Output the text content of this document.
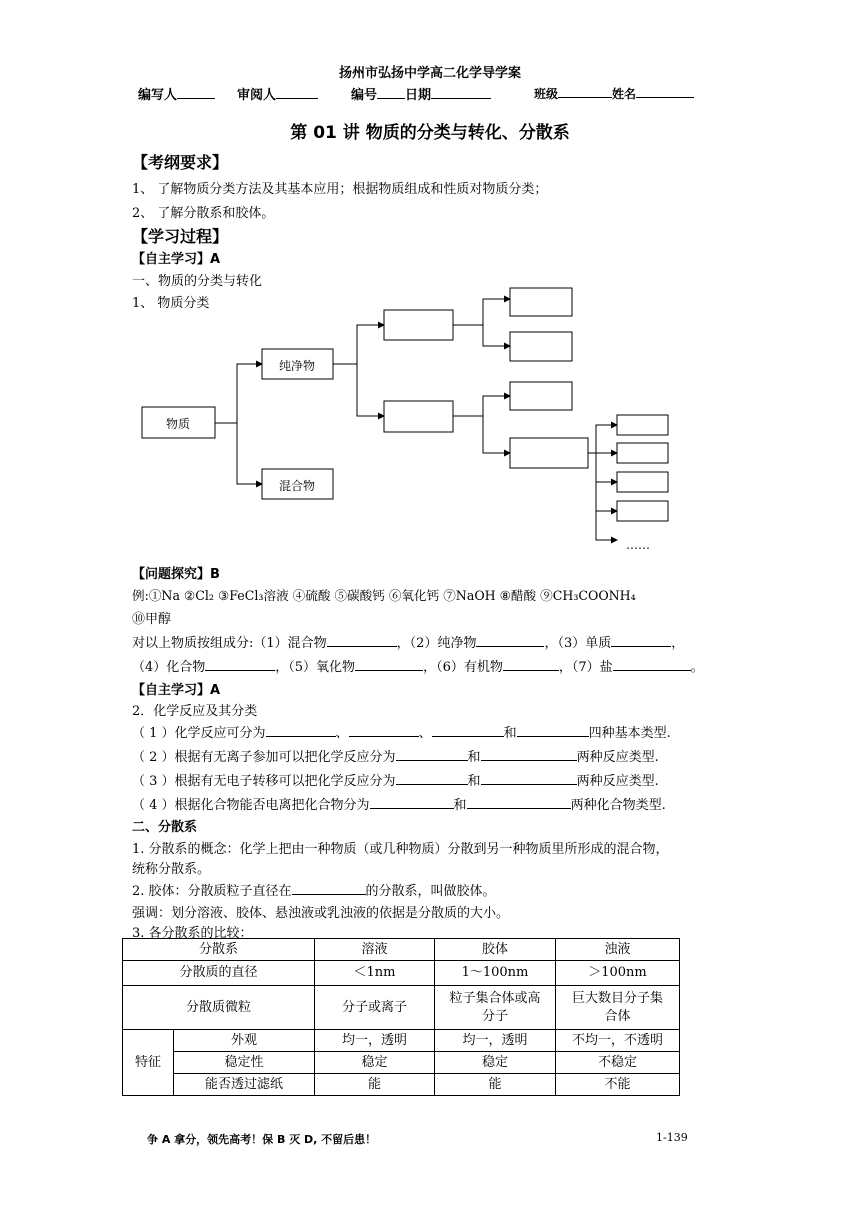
扬州市弘扬中学高二化学导学案
编写人	审阅人	编号 日期	班级	姓名
第 01 讲 物质的分类与转化、分散系
【考纲要求】
1、 了解物质分类方法及其基本应用；根据物质组成和性质对物质分类；
2、 了解分散系和胶体。
【学习过程】
【自主学习】A
一、物质的分类与转化
1、 物质分类
物质
纯净物
混合物
……
【问题探究】B
例:①Na ②Cl₂ ③FeCl₃溶液 ④硫酸 ⑤碳酸钙 ⑥氧化钙 ⑦NaOH ⑧醋酸 ⑨CH₃COONH₄
⑩甲醇
对以上物质按组成分:（1）混合物	，（2）纯净物	，（3）单质	，
（4）化合物	，（5）氧化物	，（6）有机物	，（7）盐	。
【自主学习】A
2．化学反应及其分类
（ 1 ）化学反应可分为	、	、	和	四种基本类型.
（ 2 ）根据有无离子参加可以把化学反应分为	和	两种反应类型.
（ 3 ）根据有无电子转移可以把化学反应分为	和	两种反应类型.
（ 4 ）根据化合物能否电离把化合物分为	和	两种化合物类型.
二、分散系
1. 分散系的概念：化学上把由一种物质（或几种物质）分散到另一种物质里所形成的混合物，
统称分散系。
2. 胶体：分散质粒子直径在	的分散系，叫做胶体。
强调：划分溶液、胶体、悬浊液或乳浊液的依据是分散质的大小。
3. 各分散系的比较：
分散系		溶液	胶体	浊液
分散质的直径		＜1nm	1～100nm	＞100nm
分散质微粒		分子或离子	粒子集合体或高分子	巨大数目分子集合体
特征	外观	均一，透明	均一，透明	不均一，不透明
	稳定性	稳定	稳定	不稳定
	能否透过滤纸	能	能	不能
争 A 拿分，领先高考！保 B 灭 D, 不留后患！	1-139
